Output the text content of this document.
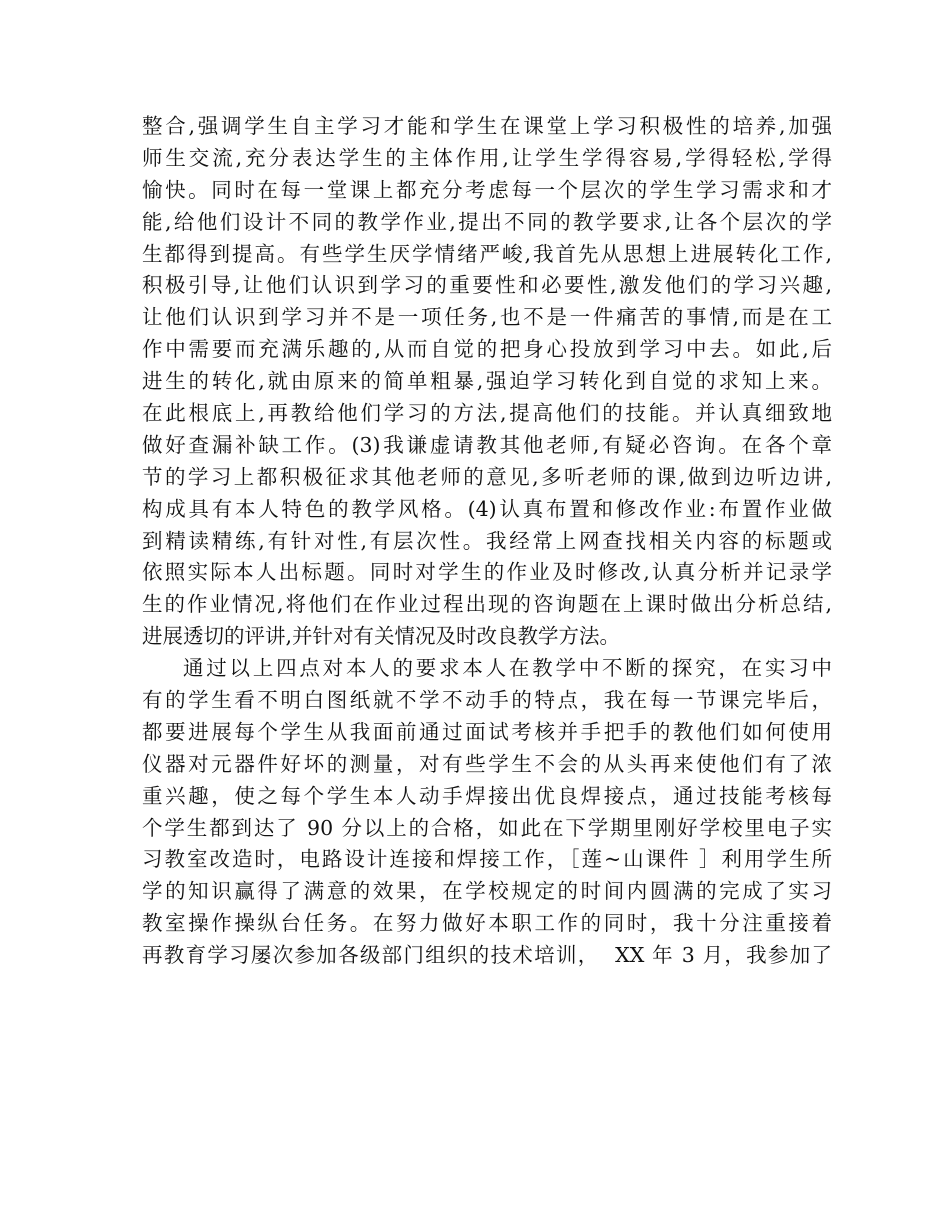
整合,强调学生自主学习才能和学生在课堂上学习积极性的培养,加强
师生交流,充分表达学生的主体作用,让学生学得容易,学得轻松,学得
愉快。同时在每一堂课上都充分考虑每一个层次的学生学习需求和才
能,给他们设计不同的教学作业,提出不同的教学要求,让各个层次的学
生都得到提高。有些学生厌学情绪严峻,我首先从思想上进展转化工作,
积极引导,让他们认识到学习的重要性和必要性,激发他们的学习兴趣,
让他们认识到学习并不是一项任务,也不是一件痛苦的事情,而是在工
作中需要而充满乐趣的,从而自觉的把身心投放到学习中去。如此,后
进生的转化,就由原来的简单粗暴,强迫学习转化到自觉的求知上来。
在此根底上,再教给他们学习的方法,提高他们的技能。并认真细致地
做好查漏补缺工作。(3)我谦虚请教其他老师,有疑必咨询。在各个章
节的学习上都积极征求其他老师的意见,多听老师的课,做到边听边讲,
构成具有本人特色的教学风格。(4)认真布置和修改作业:布置作业做
到精读精练,有针对性,有层次性。我经常上网查找相关内容的标题或
依照实际本人出标题。同时对学生的作业及时修改,认真分析并记录学
生的作业情况,将他们在作业过程出现的咨询题在上课时做出分析总结,
进展透切的评讲,并针对有关情况及时改良教学方法。
通过以上四点对本人的要求本人在教学中不断的探究，在实习中
有的学生看不明白图纸就不学不动手的特点，我在每一节课完毕后，
都要进展每个学生从我面前通过面试考核并手把手的教他们如何使用
仪器对元器件好坏的测量，对有些学生不会的从头再来使他们有了浓
重兴趣，使之每个学生本人动手焊接出优良焊接点，通过技能考核每
个学生都到达了 90 分以上的合格，如此在下学期里刚好学校里电子实
习教室改造时，电路设计连接和焊接工作，［莲~山课件 ］利用学生所
学的知识赢得了满意的效果，在学校规定的时间内圆满的完成了实习
教室操作操纵台任务。在努力做好本职工作的同时，我十分注重接着
再教育学习屡次参加各级部门组织的技术培训，  XX 年 3 月，我参加了
